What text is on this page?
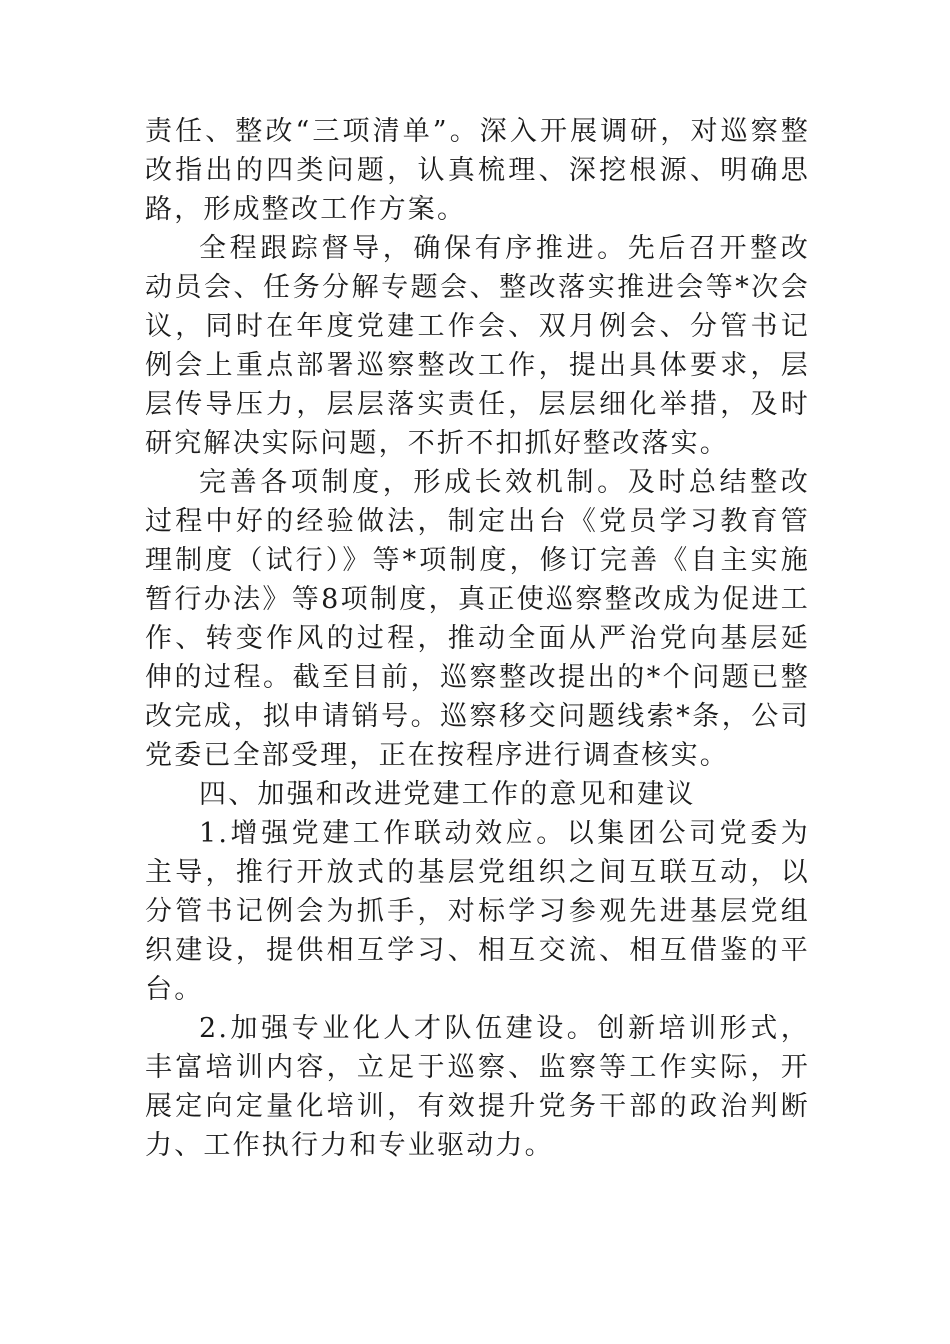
责任、整改“三项清单”。深入开展调研，对巡察整改指出的四类问题，认真梳理、深挖根源、明确思路，形成整改工作方案。

全程跟踪督导，确保有序推进。先后召开整改动员会、任务分解专题会、整改落实推进会等*次会议，同时在年度党建工作会、双月例会、分管书记例会上重点部署巡察整改工作，提出具体要求，层层传导压力，层层落实责任，层层细化举措，及时研究解决实际问题，不折不扣抓好整改落实。

完善各项制度，形成长效机制。及时总结整改过程中好的经验做法，制定出台《党员学习教育管理制度（试行）》等*项制度，修订完善《自主实施暂行办法》等8项制度，真正使巡察整改成为促进工作、转变作风的过程，推动全面从严治党向基层延伸的过程。截至目前，巡察整改提出的*个问题已整改完成，拟申请销号。巡察移交问题线索*条，公司党委已全部受理，正在按程序进行调查核实。

四、加强和改进党建工作的意见和建议

1.增强党建工作联动效应。以集团公司党委为主导，推行开放式的基层党组织之间互联互动，以分管书记例会为抓手，对标学习参观先进基层党组织建设，提供相互学习、相互交流、相互借鉴的平台。

2.加强专业化人才队伍建设。创新培训形式，丰富培训内容，立足于巡察、监察等工作实际，开展定向定量化培训，有效提升党务干部的政治判断力、工作执行力和专业驱动力。
